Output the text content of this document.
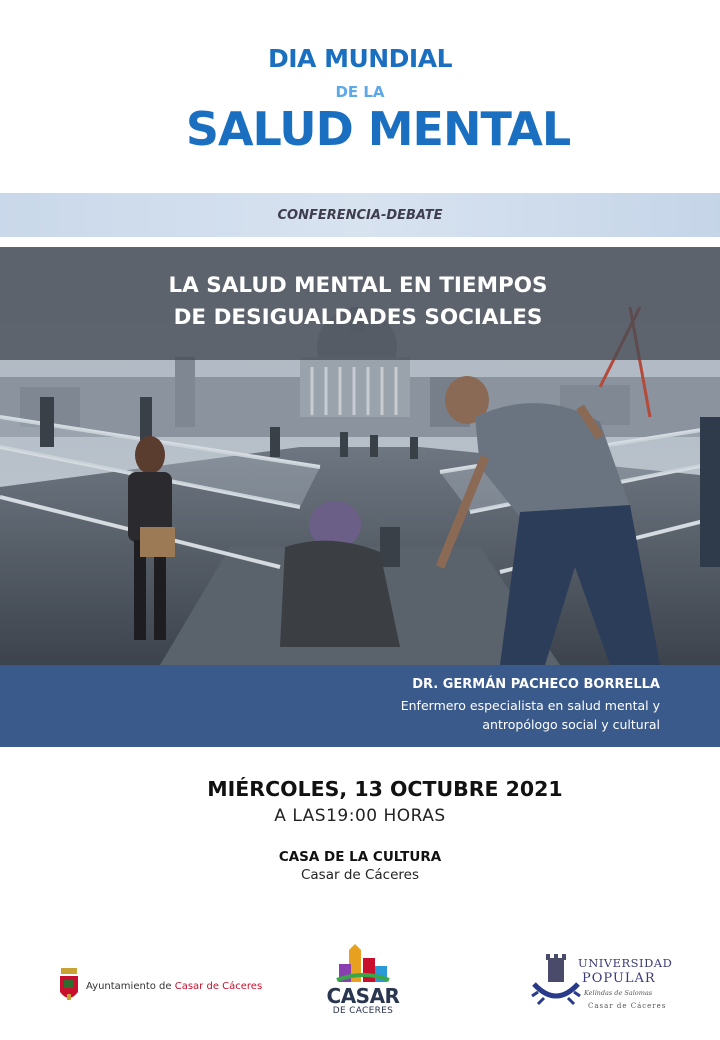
DIA MUNDIAL
DE LA
SALUD MENTAL
CONFERENCIA-DEBATE
LA SALUD MENTAL EN TIEMPOS
DE DESIGUALDADES SOCIALES
DR. GERMÁN PACHECO BORRELLA
Enfermero especialista en salud mental y
antropólogo social y cultural
MIÉRCOLES, 13 OCTUBRE 2021
A LAS19:00 HORAS
CASA DE LA CULTURA
Casar de Cáceres
Ayuntamiento de Casar de Cáceres	CASAR
DE CACERES
UNIVERSIDAD
POPULAR
Kelíndas de Salomas
Casar de Cáceres
